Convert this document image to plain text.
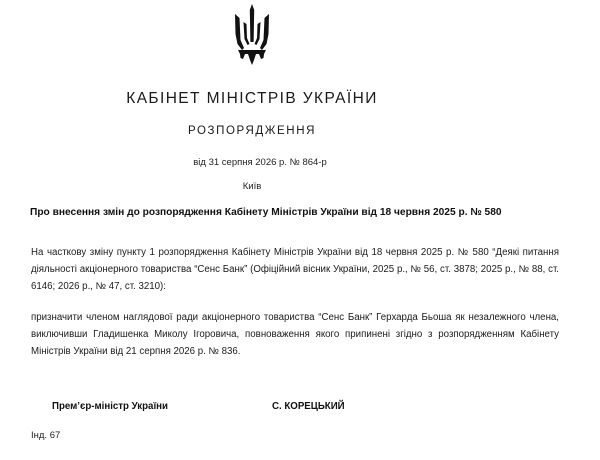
КАБІНЕТ МІНІСТРІВ УКРАЇНИ
РОЗПОРЯДЖЕННЯ
від 31 серпня 2026 р. № 864-р
Київ
Про внесення змін до розпорядження Кабінету Міністрів України від 18 червня 2025 р. № 580
На часткову зміну пункту 1 розпорядження Кабінету Міністрів України від 18 червня 2025 р. № 580 “Деякі питання діяльності акціонерного товариства “Сенс Банк” (Офіційний вісник України, 2025 р., № 56, ст. 3878; 2025 р., № 88, ст. 6146; 2026 р., № 47, ст. 3210):
призначити членом наглядової ради акціонерного товариства “Сенс Банк” Герхарда Бьоша як незалежного члена, виключивши Гладишенка Миколу Ігоровича, повноваження якого припинені згідно з розпорядженням Кабінету Міністрів України від 21 серпня 2026 р. № 836.
Прем’єр-міністр України	С. КОРЕЦЬКИЙ
Інд. 67
